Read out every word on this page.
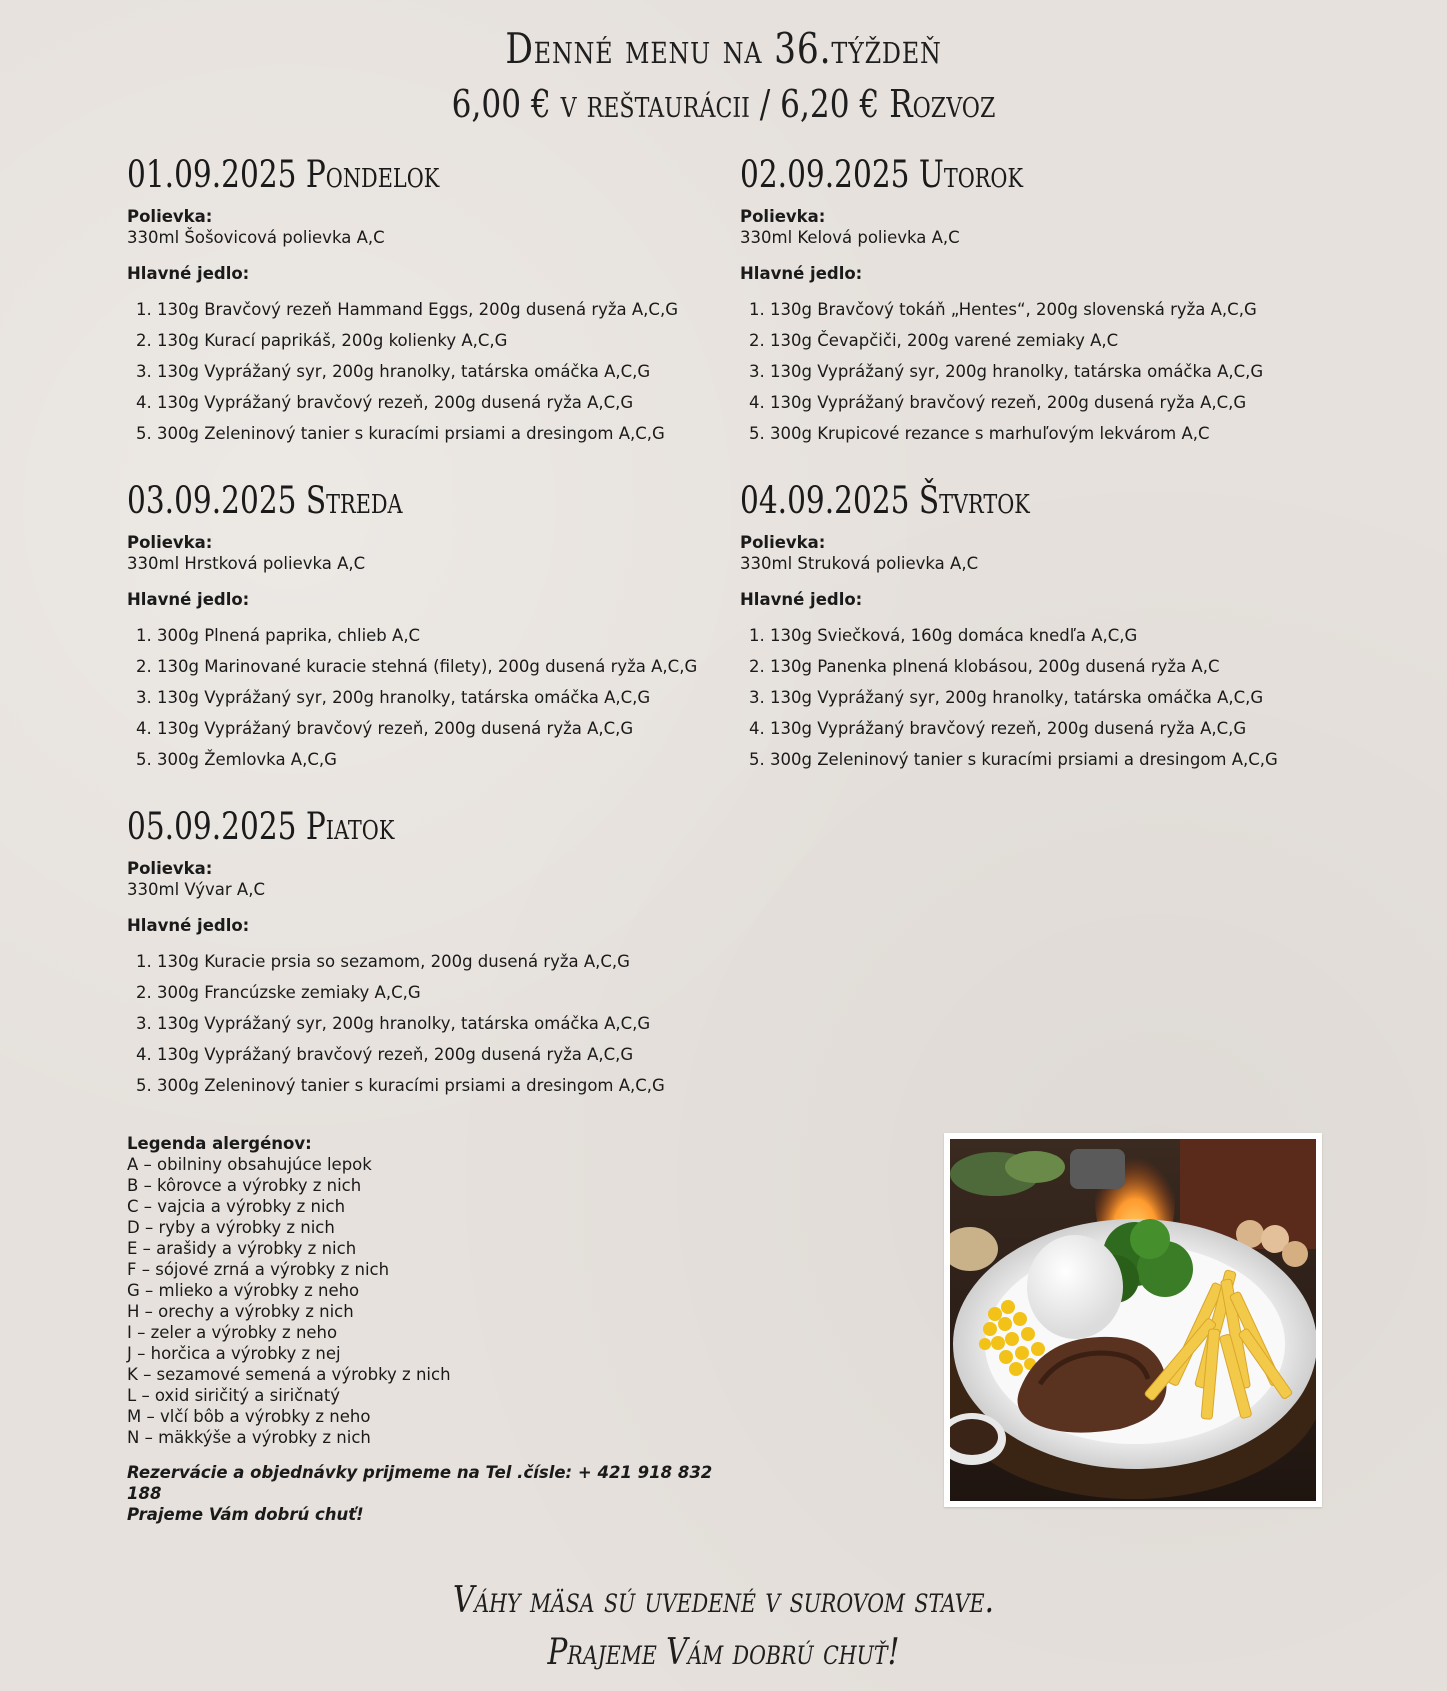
Denné menu na 36.týždeň
6,00 € v reštaurácii / 6,20 € Rozvoz
01.09.2025 Pondelok
Polievka:
330ml Šošovicová polievka A,C
Hlavné jedlo:
1. 130g Bravčový rezeň Hammand Eggs, 200g dusená ryža A,C,G
2. 130g Kurací paprikáš, 200g kolienky A,C,G
3. 130g Vyprážaný syr, 200g hranolky, tatárska omáčka A,C,G
4. 130g Vyprážaný bravčový rezeň, 200g dusená ryža A,C,G
5. 300g Zeleninový tanier s kuracími prsiami a dresingom A,C,G
02.09.2025 Utorok
Polievka:
330ml Kelová polievka A,C
Hlavné jedlo:
1. 130g Bravčový tokáň „Hentes“, 200g slovenská ryža A,C,G
2. 130g Čevapčiči, 200g varené zemiaky A,C
3. 130g Vyprážaný syr, 200g hranolky, tatárska omáčka A,C,G
4. 130g Vyprážaný bravčový rezeň, 200g dusená ryža A,C,G
5. 300g Krupicové rezance s marhuľovým lekvárom A,C
03.09.2025 Streda
Polievka:
330ml Hrstková polievka A,C
Hlavné jedlo:
1. 300g Plnená paprika, chlieb A,C
2. 130g Marinované kuracie stehná (filety), 200g dusená ryža A,C,G
3. 130g Vyprážaný syr, 200g hranolky, tatárska omáčka A,C,G
4. 130g Vyprážaný bravčový rezeň, 200g dusená ryža A,C,G
5. 300g Žemlovka A,C,G
04.09.2025 Štvrtok
Polievka:
330ml Struková polievka A,C
Hlavné jedlo:
1. 130g Sviečková, 160g domáca knedľa A,C,G
2. 130g Panenka plnená klobásou, 200g dusená ryža A,C
3. 130g Vyprážaný syr, 200g hranolky, tatárska omáčka A,C,G
4. 130g Vyprážaný bravčový rezeň, 200g dusená ryža A,C,G
5. 300g Zeleninový tanier s kuracími prsiami a dresingom A,C,G
05.09.2025 Piatok
Polievka:
330ml Vývar A,C
Hlavné jedlo:
1. 130g Kuracie prsia so sezamom, 200g dusená ryža A,C,G
2. 300g Francúzske zemiaky A,C,G
3. 130g Vyprážaný syr, 200g hranolky, tatárska omáčka A,C,G
4. 130g Vyprážaný bravčový rezeň, 200g dusená ryža A,C,G
5. 300g Zeleninový tanier s kuracími prsiami a dresingom A,C,G
Legenda alergénov:
A – obilniny obsahujúce lepok
B – kôrovce a výrobky z nich
C – vajcia a výrobky z nich
D – ryby a výrobky z nich
E – arašidy a výrobky z nich
F – sójové zrná a výrobky z nich
G – mlieko a výrobky z neho
H – orechy a výrobky z nich
I – zeler a výrobky z neho
J – horčica a výrobky z nej
K – sezamové semená a výrobky z nich
L – oxid siričitý a siričnatý
M – vlčí bôb a výrobky z neho
N – mäkkýše a výrobky z nich
Rezervácie a objednávky prijmeme na Tel .čísle: + 421 918 832 188
Prajeme Vám dobrú chuť!
Váhy mäsa sú uvedené v surovom stave.
Prajeme Vám dobrú chuť!
